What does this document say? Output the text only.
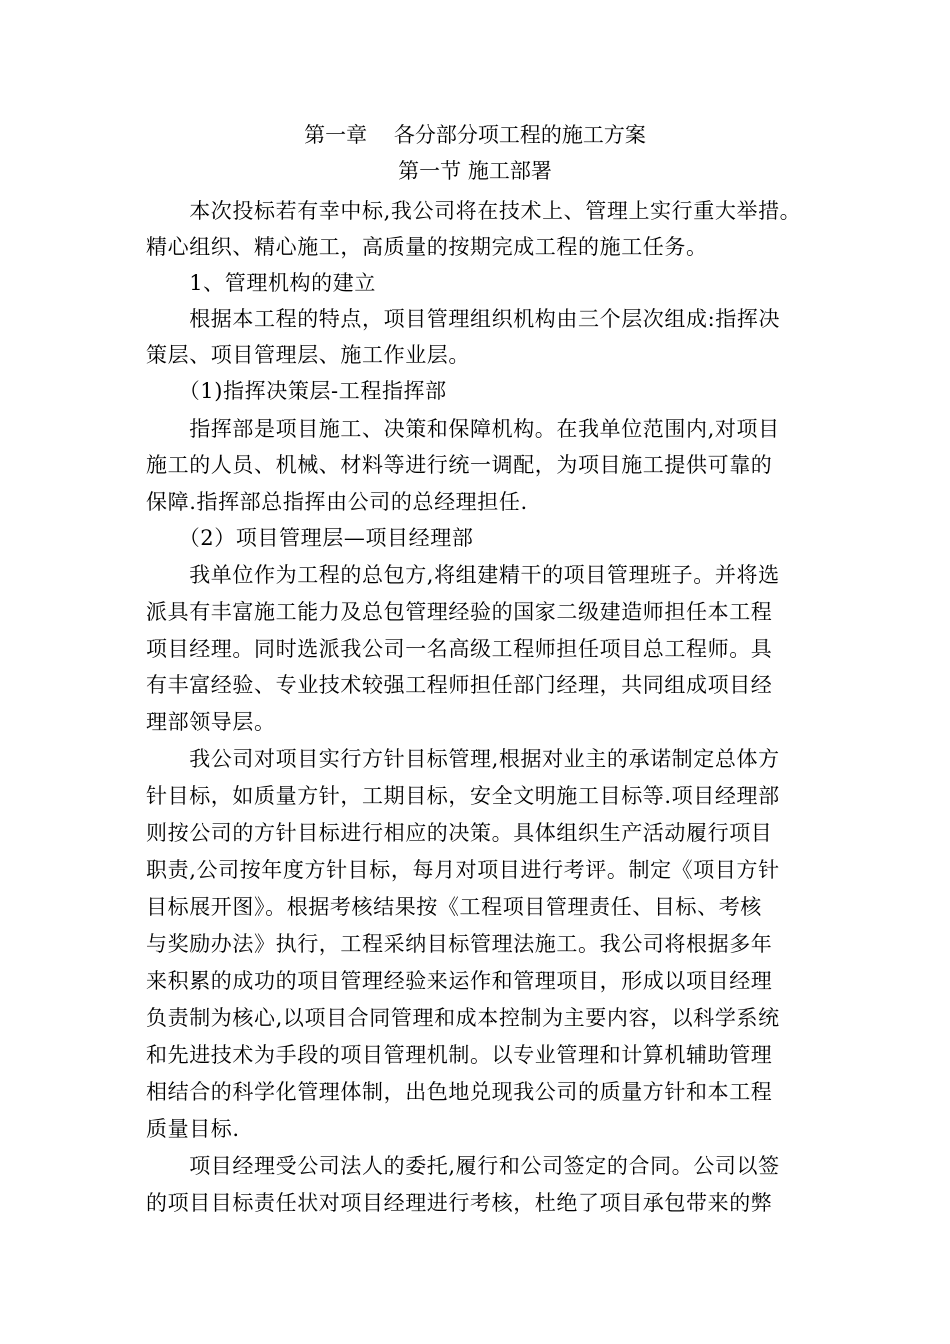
第一章    各分部分项工程的施工方案
第一节 施工部署
　　本次投标若有幸中标,我公司将在技术上、管理上实行重大举措。
精心组织、精心施工，高质量的按期完成工程的施工任务。
　　1、管理机构的建立
　　根据本工程的特点，项目管理组织机构由三个层次组成:指挥决
策层、项目管理层、施工作业层。
　　（1)指挥决策层-工程指挥部
　　指挥部是项目施工、决策和保障机构。在我单位范围内,对项目
施工的人员、机械、材料等进行统一调配，为项目施工提供可靠的
保障.指挥部总指挥由公司的总经理担任.
　　（2）项目管理层—项目经理部
　　我单位作为工程的总包方,将组建精干的项目管理班子。并将选
派具有丰富施工能力及总包管理经验的国家二级建造师担任本工程
项目经理。同时选派我公司一名高级工程师担任项目总工程师。具
有丰富经验、专业技术较强工程师担任部门经理，共同组成项目经
理部领导层。
　　我公司对项目实行方针目标管理,根据对业主的承诺制定总体方
针目标，如质量方针，工期目标，安全文明施工目标等.项目经理部
则按公司的方针目标进行相应的决策。具体组织生产活动履行项目
职责,公司按年度方针目标，每月对项目进行考评。制定《项目方针
目标展开图》。根据考核结果按《工程项目管理责任、目标、考核
与奖励办法》执行，工程采纳目标管理法施工。我公司将根据多年
来积累的成功的项目管理经验来运作和管理项目，形成以项目经理
负责制为核心,以项目合同管理和成本控制为主要内容，以科学系统
和先进技术为手段的项目管理机制。以专业管理和计算机辅助管理
相结合的科学化管理体制，出色地兑现我公司的质量方针和本工程
质量目标.
　　项目经理受公司法人的委托,履行和公司签定的合同。公司以签
的项目目标责任状对项目经理进行考核，杜绝了项目承包带来的弊
